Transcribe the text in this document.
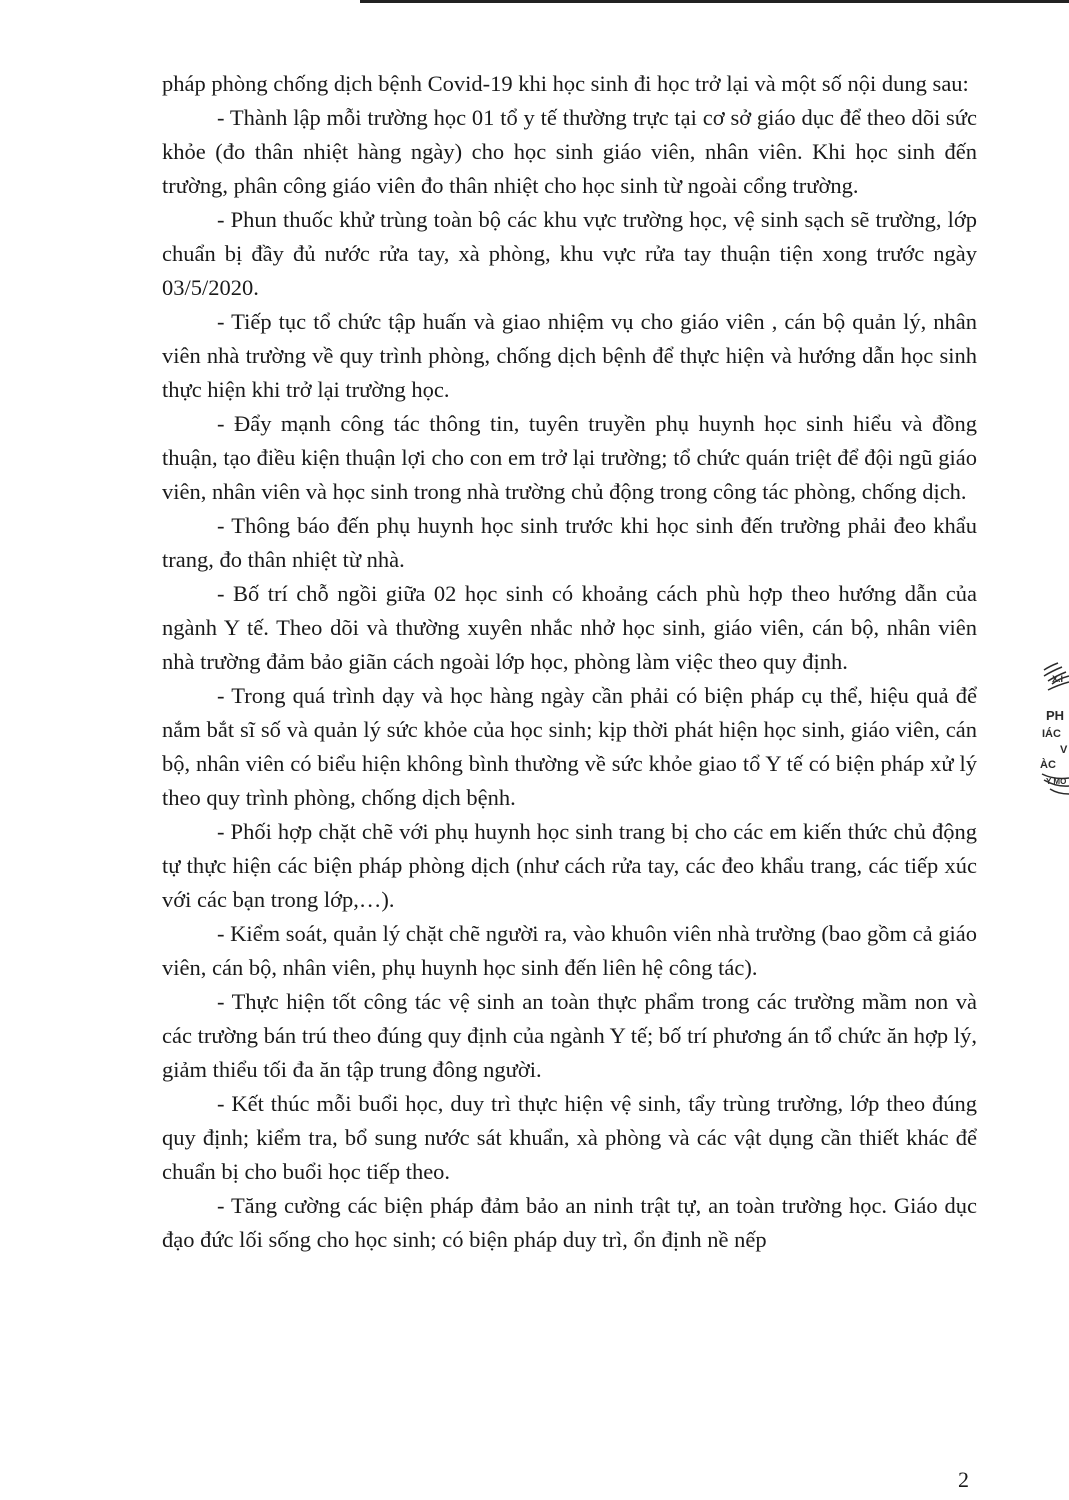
pháp phòng chống dịch bệnh Covid-19 khi học sinh đi học trở lại và một số nội dung sau:

- Thành lập mỗi trường học 01 tổ y tế thường trực tại cơ sở giáo dục để theo dõi sức khỏe (đo thân nhiệt hàng ngày) cho học sinh giáo viên, nhân viên. Khi học sinh đến trường, phân công giáo viên đo thân nhiệt cho học sinh từ ngoài cổng trường.

- Phun thuốc khử trùng toàn bộ các khu vực trường học, vệ sinh sạch sẽ trường, lớp chuẩn bị đầy đủ nước rửa tay, xà phòng, khu vực rửa tay thuận tiện xong trước ngày 03/5/2020.

- Tiếp tục tổ chức tập huấn và giao nhiệm vụ cho giáo viên , cán bộ quản lý, nhân viên nhà trường về quy trình phòng, chống dịch bệnh để thực hiện và hướng dẫn học sinh thực hiện khi trở lại trường học.

- Đẩy mạnh công tác thông tin, tuyên truyền phụ huynh học sinh hiểu và đồng thuận, tạo điều kiện thuận lợi cho con em trở lại trường; tổ chức quán triệt để đội ngũ giáo viên, nhân viên và học sinh trong nhà trường chủ động trong công tác phòng, chống dịch.

- Thông báo đến phụ huynh học sinh trước khi học sinh đến trường phải đeo khẩu trang, đo thân nhiệt từ nhà.

- Bố trí chỗ ngồi giữa 02 học sinh có khoảng cách phù hợp theo hướng dẫn của ngành Y tế. Theo dõi và thường xuyên nhắc nhở học sinh, giáo viên, cán bộ, nhân viên nhà trường đảm bảo giãn cách ngoài lớp học, phòng làm việc theo quy định.

- Trong quá trình dạy và học hàng ngày cần phải có biện pháp cụ thể, hiệu quả để nắm bắt sĩ số và quản lý sức khỏe của học sinh; kịp thời phát hiện học sinh, giáo viên, cán bộ, nhân viên có biểu hiện không bình thường về sức khỏe giao tổ Y tế có biện pháp xử lý theo quy trình phòng, chống dịch bệnh.

- Phối hợp chặt chẽ với phụ huynh học sinh trang bị cho các em kiến thức chủ động tự thực hiện các biện pháp phòng dịch (như cách rửa tay, các đeo khẩu trang, các tiếp xúc với các bạn trong lớp,…).

- Kiểm soát, quản lý chặt chẽ người ra, vào khuôn viên nhà trường (bao gồm cả giáo viên, cán bộ, nhân viên, phụ huynh học sinh đến liên hệ công tác).

- Thực hiện tốt công tác vệ sinh an toàn thực phẩm trong các trường mầm non và các trường bán trú theo đúng quy định của ngành Y tế; bố trí phương án tổ chức ăn hợp lý, giảm thiểu tối đa ăn tập trung đông người.

- Kết thúc mỗi buổi học, duy trì thực hiện vệ sinh, tẩy trùng trường, lớp theo đúng quy định; kiểm tra, bổ sung nước sát khuẩn, xà phòng và các vật dụng cần thiết khác để chuẩn bị cho buổi học tiếp theo.

- Tăng cường các biện pháp đảm bảo an ninh trật tự, an toàn trường học. Giáo dục đạo đức lối sống cho học sinh; có biện pháp duy trì, ổn định nề nếp

X.I
PH
IÁC
V
ÀC
Y MO
2
